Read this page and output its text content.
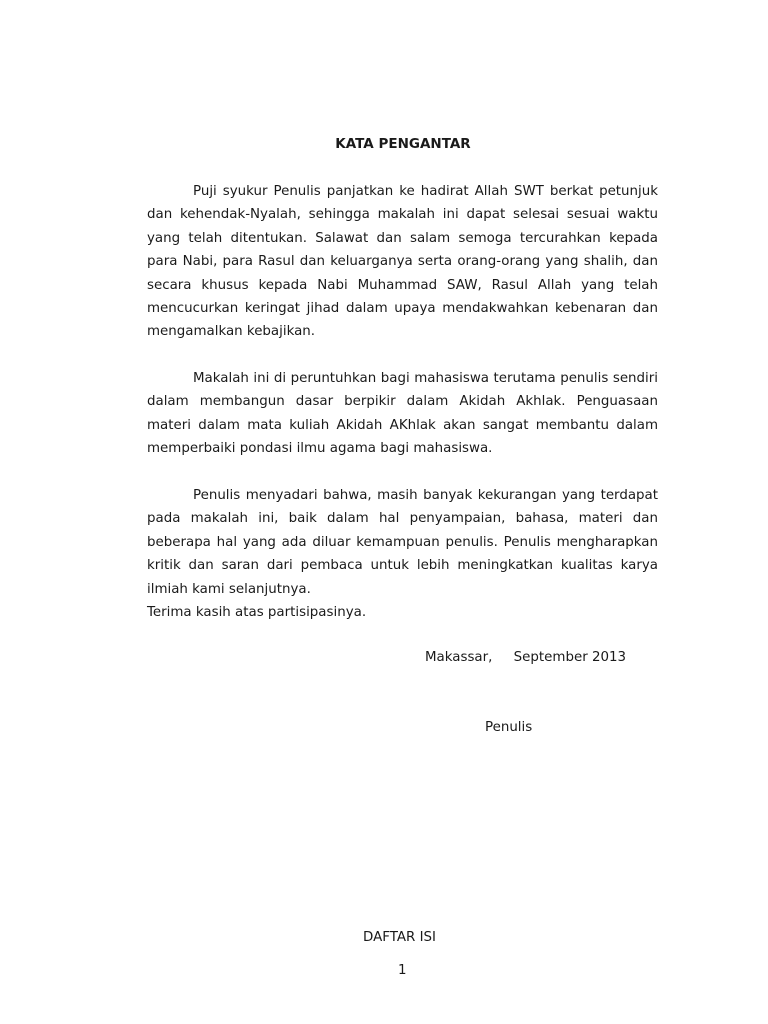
KATA PENGANTAR

Puji syukur Penulis panjatkan ke hadirat Allah SWT berkat petunjuk dan kehendak-Nyalah, sehingga makalah ini dapat selesai sesuai waktu yang telah ditentukan. Salawat dan salam semoga tercurahkan kepada para Nabi, para Rasul dan keluarganya serta orang-orang yang shalih, dan secara khusus kepada Nabi Muhammad SAW, Rasul Allah yang telah mencucurkan keringat jihad dalam upaya mendakwahkan kebenaran dan mengamalkan kebajikan.

Makalah ini di peruntuhkan bagi mahasiswa terutama penulis sendiri dalam membangun dasar berpikir dalam Akidah Akhlak. Penguasaan materi dalam mata kuliah Akidah AKhlak akan sangat membantu dalam memperbaiki pondasi ilmu agama bagi mahasiswa.

Penulis menyadari bahwa, masih banyak kekurangan yang terdapat pada makalah ini, baik dalam hal penyampaian, bahasa, materi dan beberapa hal yang ada diluar kemampuan penulis. Penulis mengharapkan kritik dan saran dari pembaca untuk lebih meningkatkan kualitas karya ilmiah kami selanjutnya.

Terima kasih atas partisipasinya.

Makassar,     September 2013
Penulis
DAFTAR ISI
1
